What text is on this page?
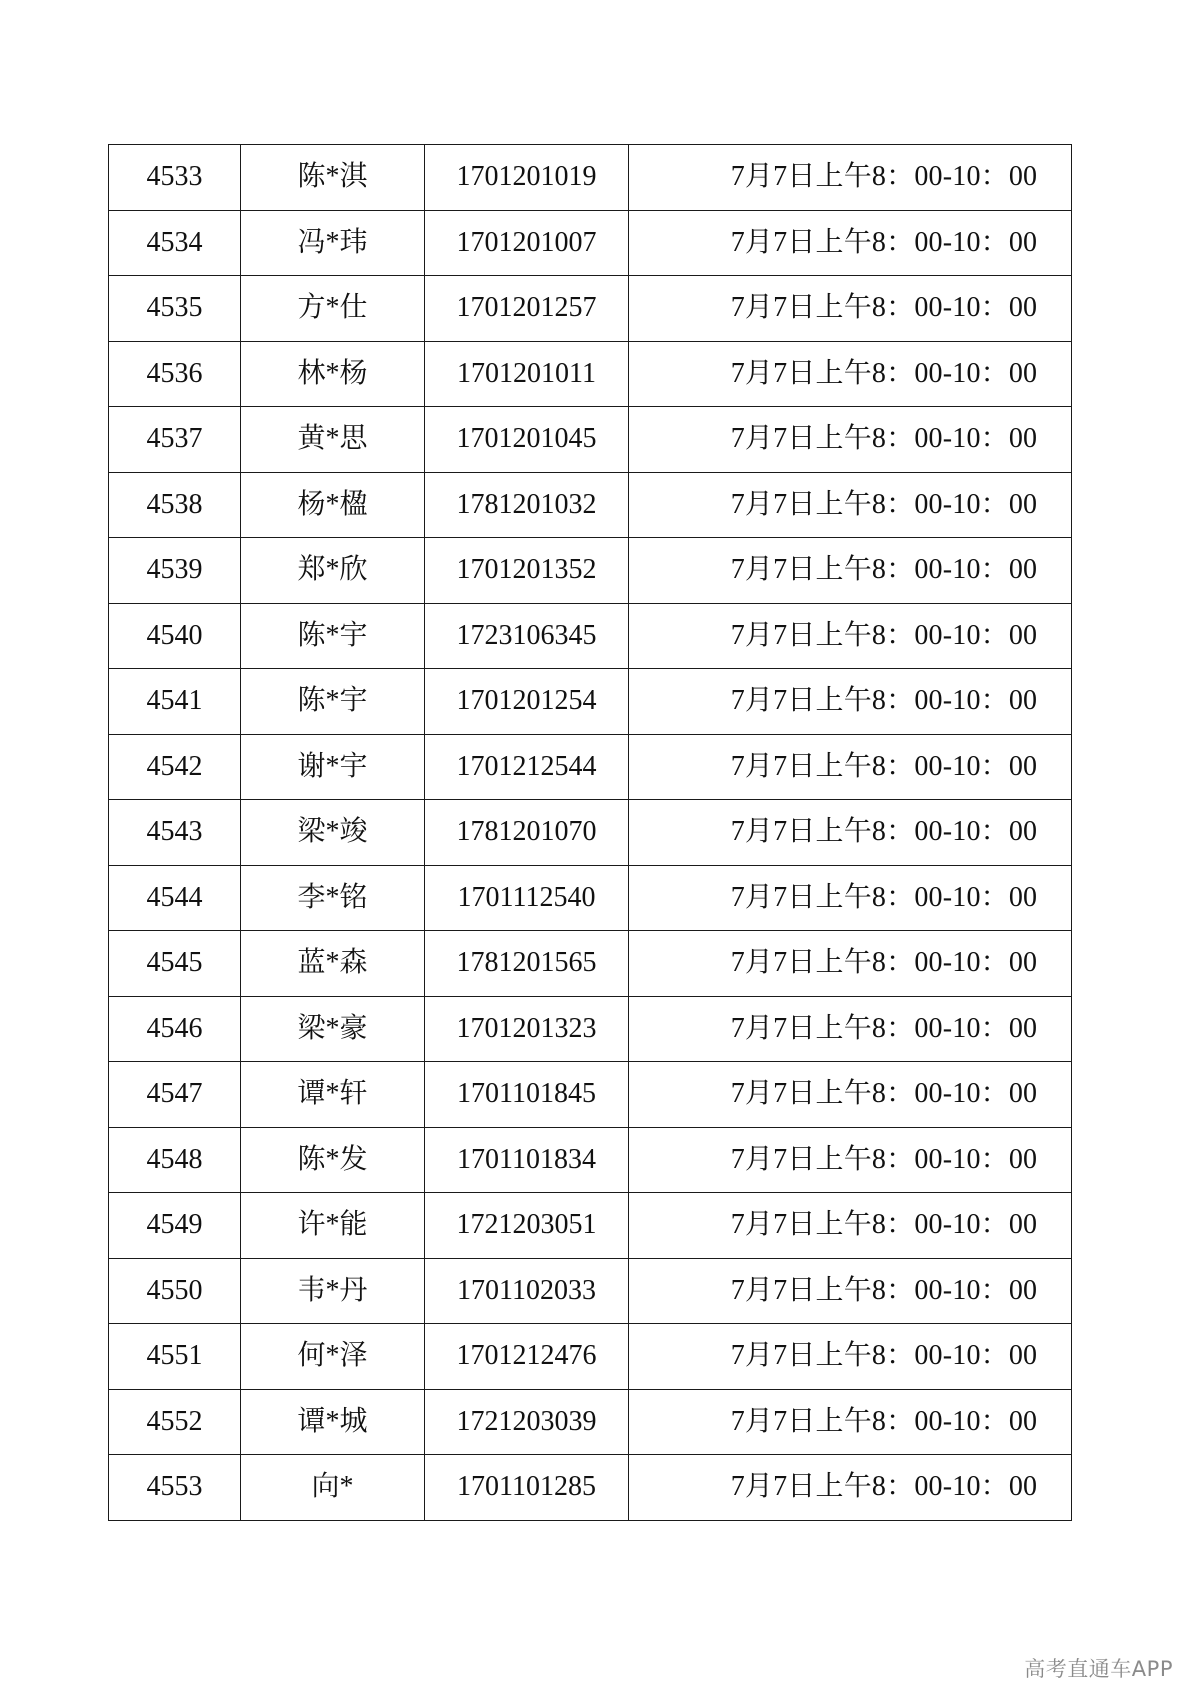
4533	陈*淇	1701201019	7月7日上午8：00-10：00
4534	冯*玮	1701201007	7月7日上午8：00-10：00
4535	方*仕	1701201257	7月7日上午8：00-10：00
4536	林*杨	1701201011	7月7日上午8：00-10：00
4537	黄*思	1701201045	7月7日上午8：00-10：00
4538	杨*楹	1781201032	7月7日上午8：00-10：00
4539	郑*欣	1701201352	7月7日上午8：00-10：00
4540	陈*宇	1723106345	7月7日上午8：00-10：00
4541	陈*宇	1701201254	7月7日上午8：00-10：00
4542	谢*宇	1701212544	7月7日上午8：00-10：00
4543	梁*竣	1781201070	7月7日上午8：00-10：00
4544	李*铭	1701112540	7月7日上午8：00-10：00
4545	蓝*森	1781201565	7月7日上午8：00-10：00
4546	梁*豪	1701201323	7月7日上午8：00-10：00
4547	谭*轩	1701101845	7月7日上午8：00-10：00
4548	陈*发	1701101834	7月7日上午8：00-10：00
4549	许*能	1721203051	7月7日上午8：00-10：00
4550	韦*丹	1701102033	7月7日上午8：00-10：00
4551	何*泽	1701212476	7月7日上午8：00-10：00
4552	谭*城	1721203039	7月7日上午8：00-10：00
4553	向*	1701101285	7月7日上午8：00-10：00
高考直通车APP
